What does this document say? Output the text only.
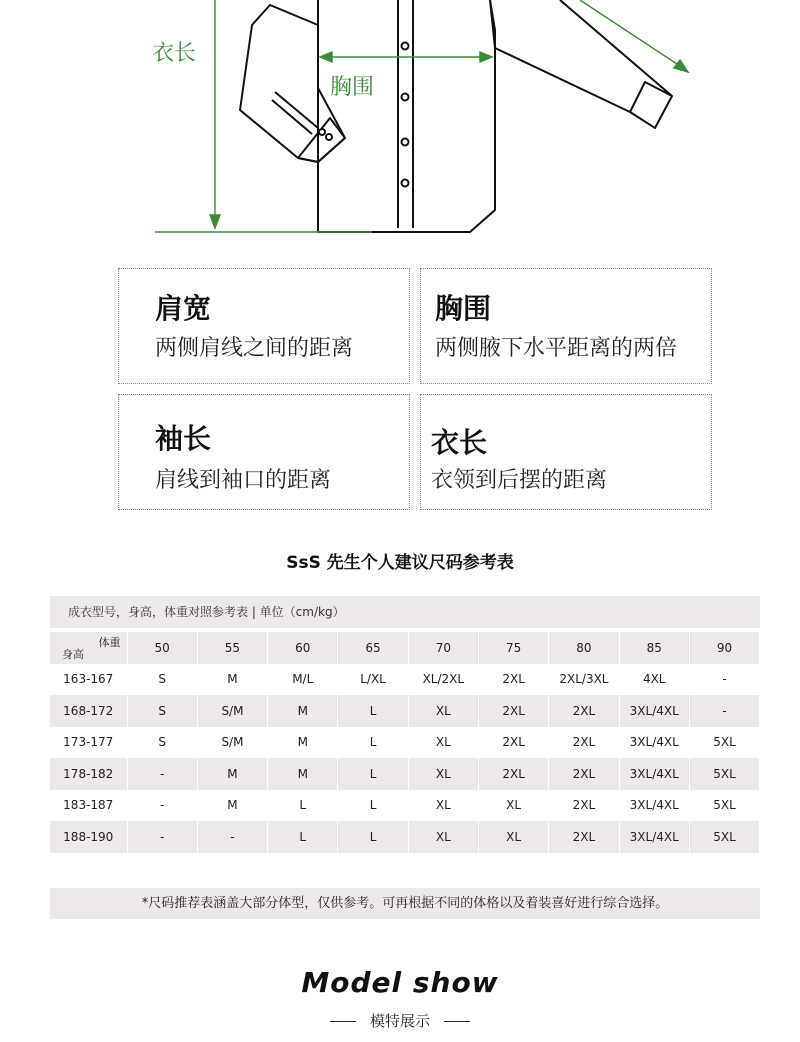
衣长
胸围
肩宽
两侧肩线之间的距离
胸围
两侧腋下水平距离的两倍
袖长
肩线到袖口的距离
衣长
衣领到后摆的距离
SsS 先生个人建议尺码参考表
成衣型号，身高，体重对照参考表 | 单位（cm/kg）
体重
身高	50	55	60	65	70	75	80	85	90
163-167	S	M	M/L	L/XL	XL/2XL	2XL	2XL/3XL	4XL	-
168-172	S	S/M	M	L	XL	2XL	2XL	3XL/4XL	-
173-177	S	S/M	M	L	XL	2XL	2XL	3XL/4XL	5XL
178-182	-	M	M	L	XL	2XL	2XL	3XL/4XL	5XL
183-187	-	M	L	L	XL	XL	2XL	3XL/4XL	5XL
188-190	-	-	L	L	XL	XL	2XL	3XL/4XL	5XL
*尺码推荐表涵盖大部分体型，仅供参考。可再根据不同的体格以及着装喜好进行综合选择。
Model show
模特展示
